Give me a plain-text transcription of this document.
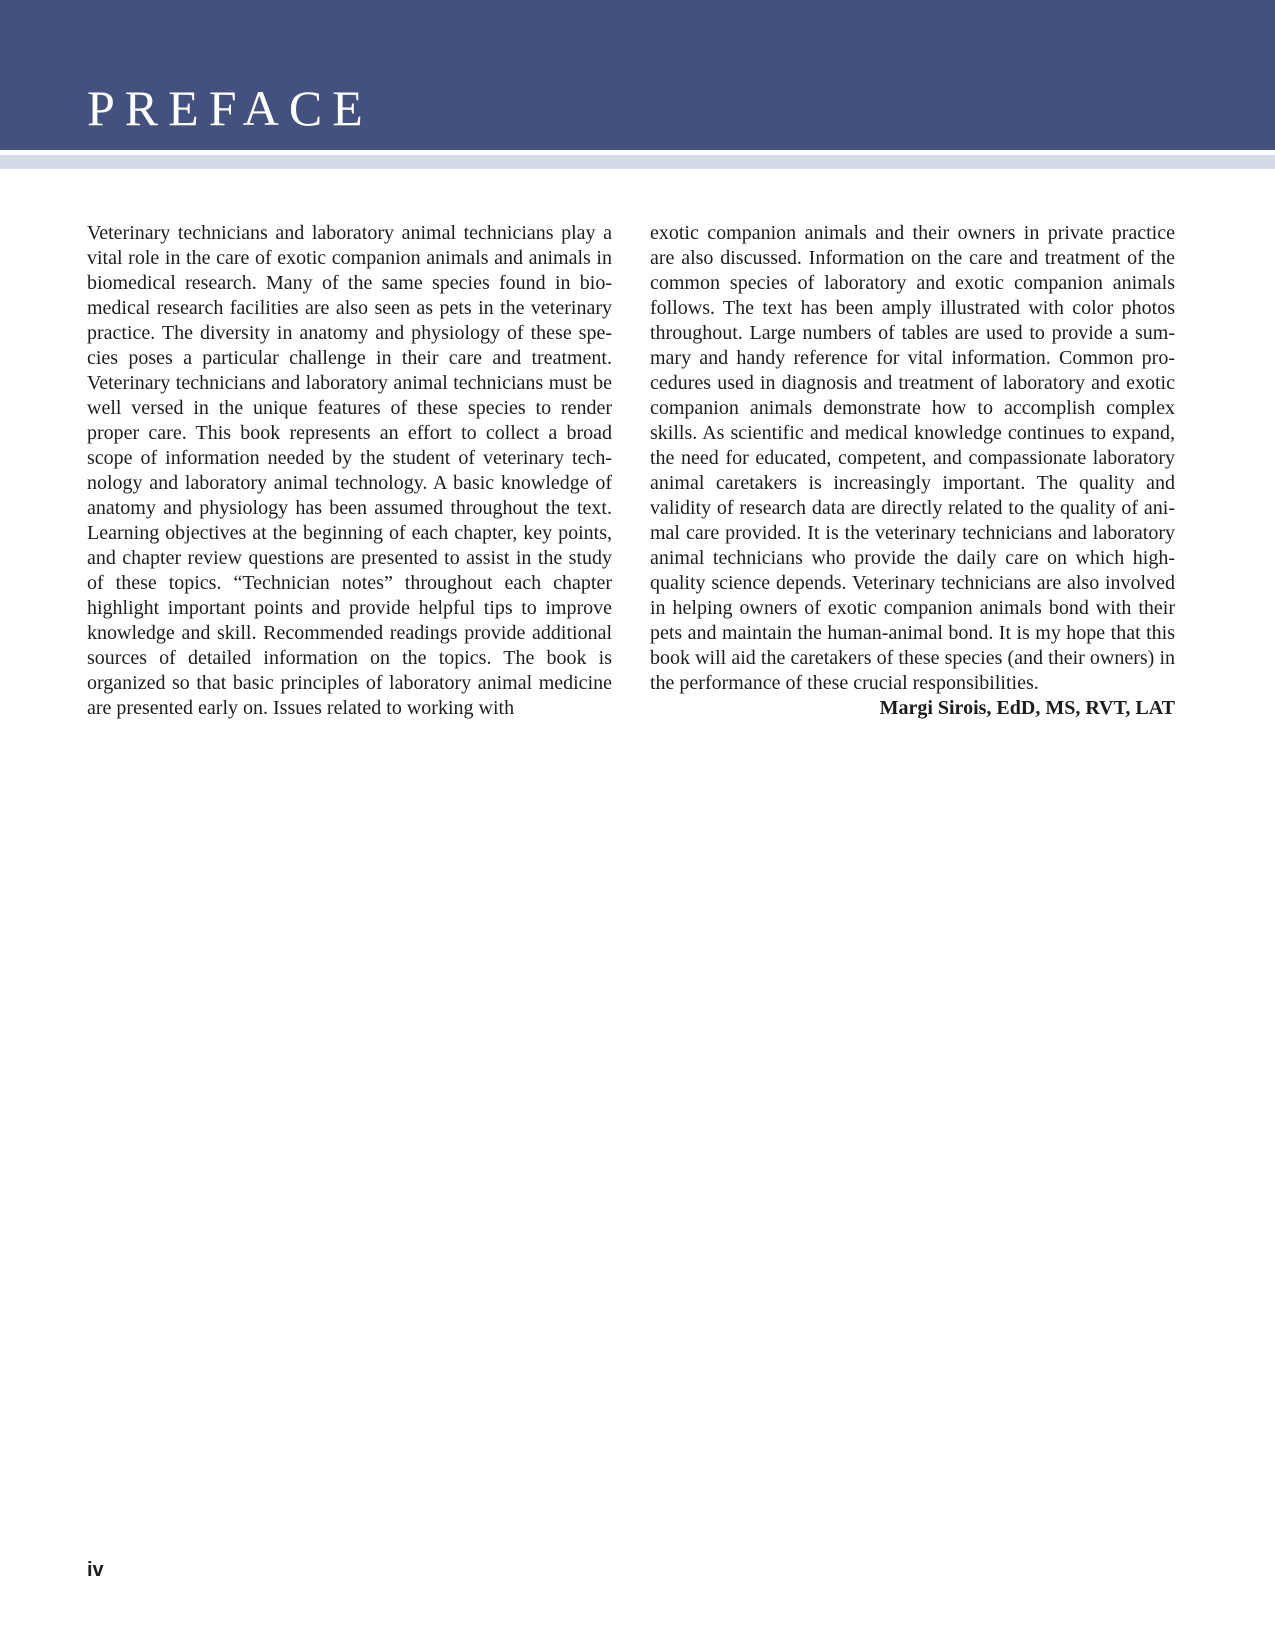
PREFACE

Veterinary technicians and laboratory animal technicians play a vital role in the care of exotic companion animals and animals in biomedical research. Many of the same species found in biomedical research facilities are also seen as pets in the veterinary practice. The diversity in anatomy and physiology of these species poses a particular challenge in their care and treatment. Veterinary technicians and laboratory animal technicians must be well versed in the unique features of these species to render proper care. This book represents an effort to collect a broad scope of information needed by the student of veterinary technology and laboratory animal technology. A basic knowledge of anatomy and physiology has been assumed throughout the text. Learning objectives at the beginning of each chapter, key points, and chapter review questions are presented to assist in the study of these topics. “Technician notes” throughout each chapter highlight important points and provide helpful tips to improve knowledge and skill. Recommended readings provide additional sources of detailed information on the topics. The book is organized so that basic principles of laboratory animal medicine are presented early on. Issues related to working with

exotic companion animals and their owners in private practice are also discussed. Information on the care and treatment of the common species of laboratory and exotic companion animals follows. The text has been amply illustrated with color photos throughout. Large numbers of tables are used to provide a summary and handy reference for vital information. Common procedures used in diagnosis and treatment of laboratory and exotic companion animals demonstrate how to accomplish complex skills. As scientific and medical knowledge continues to expand, the need for educated, competent, and compassionate laboratory animal caretakers is increasingly important. The quality and validity of research data are directly related to the quality of animal care provided. It is the veterinary technicians and laboratory animal technicians who provide the daily care on which high-quality science depends. Veterinary technicians are also involved in helping owners of exotic companion animals bond with their pets and maintain the human-animal bond. It is my hope that this book will aid the caretakers of these species (and their owners) in the performance of these crucial responsibilities.

Margi Sirois, EdD, MS, RVT, LAT

iv
